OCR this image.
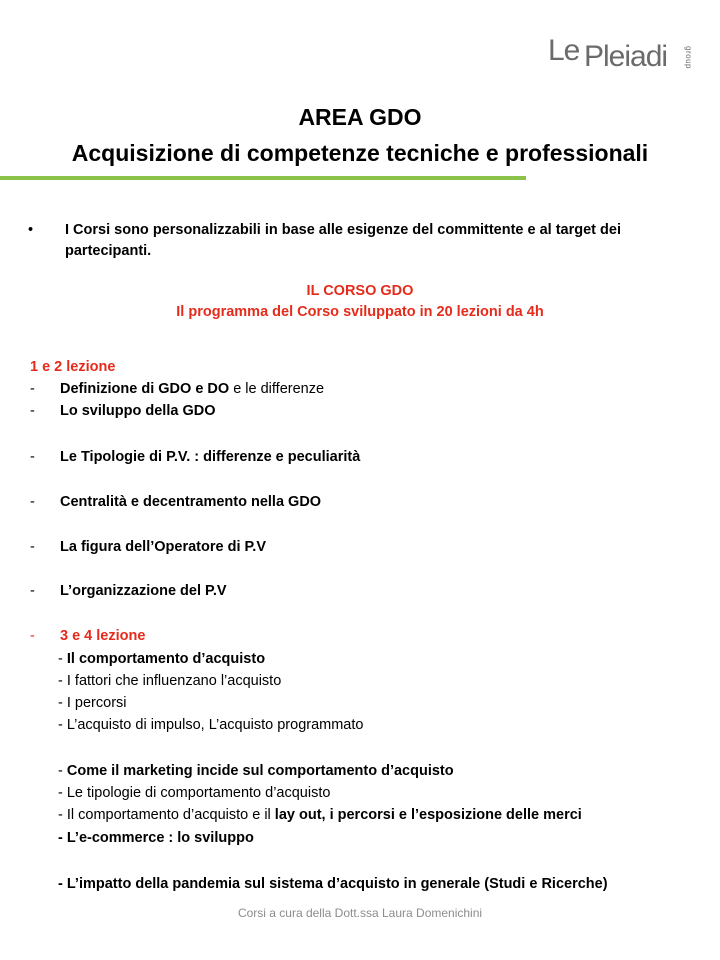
Le Pleiadi group
AREA GDO
Acquisizione di competenze tecniche e professionali
• I Corsi sono personalizzabili in base alle esigenze del committente e al target dei partecipanti.
IL CORSO GDO
Il programma del Corso sviluppato in 20 lezioni da 4h
1 e 2 lezione
- Definizione di GDO e DO e le differenze
- Lo sviluppo della GDO
- Le Tipologie di P.V. : differenze e peculiarità
- Centralità e decentramento nella GDO
- La figura dell’Operatore di P.V
- L’organizzazione del P.V
- 3 e 4 lezione
- Il comportamento d’acquisto
- I fattori che influenzano l’acquisto
- I percorsi
- L’acquisto di impulso, L’acquisto programmato
- Come il marketing incide sul comportamento d’acquisto
- Le tipologie di comportamento d’acquisto
- Il comportamento d’acquisto e il lay out, i percorsi e l’esposizione delle merci
- L’e-commerce : lo sviluppo
- L’impatto della pandemia sul sistema d’acquisto in generale (Studi e Ricerche)
Corsi a cura della Dott.ssa Laura Domenichini
